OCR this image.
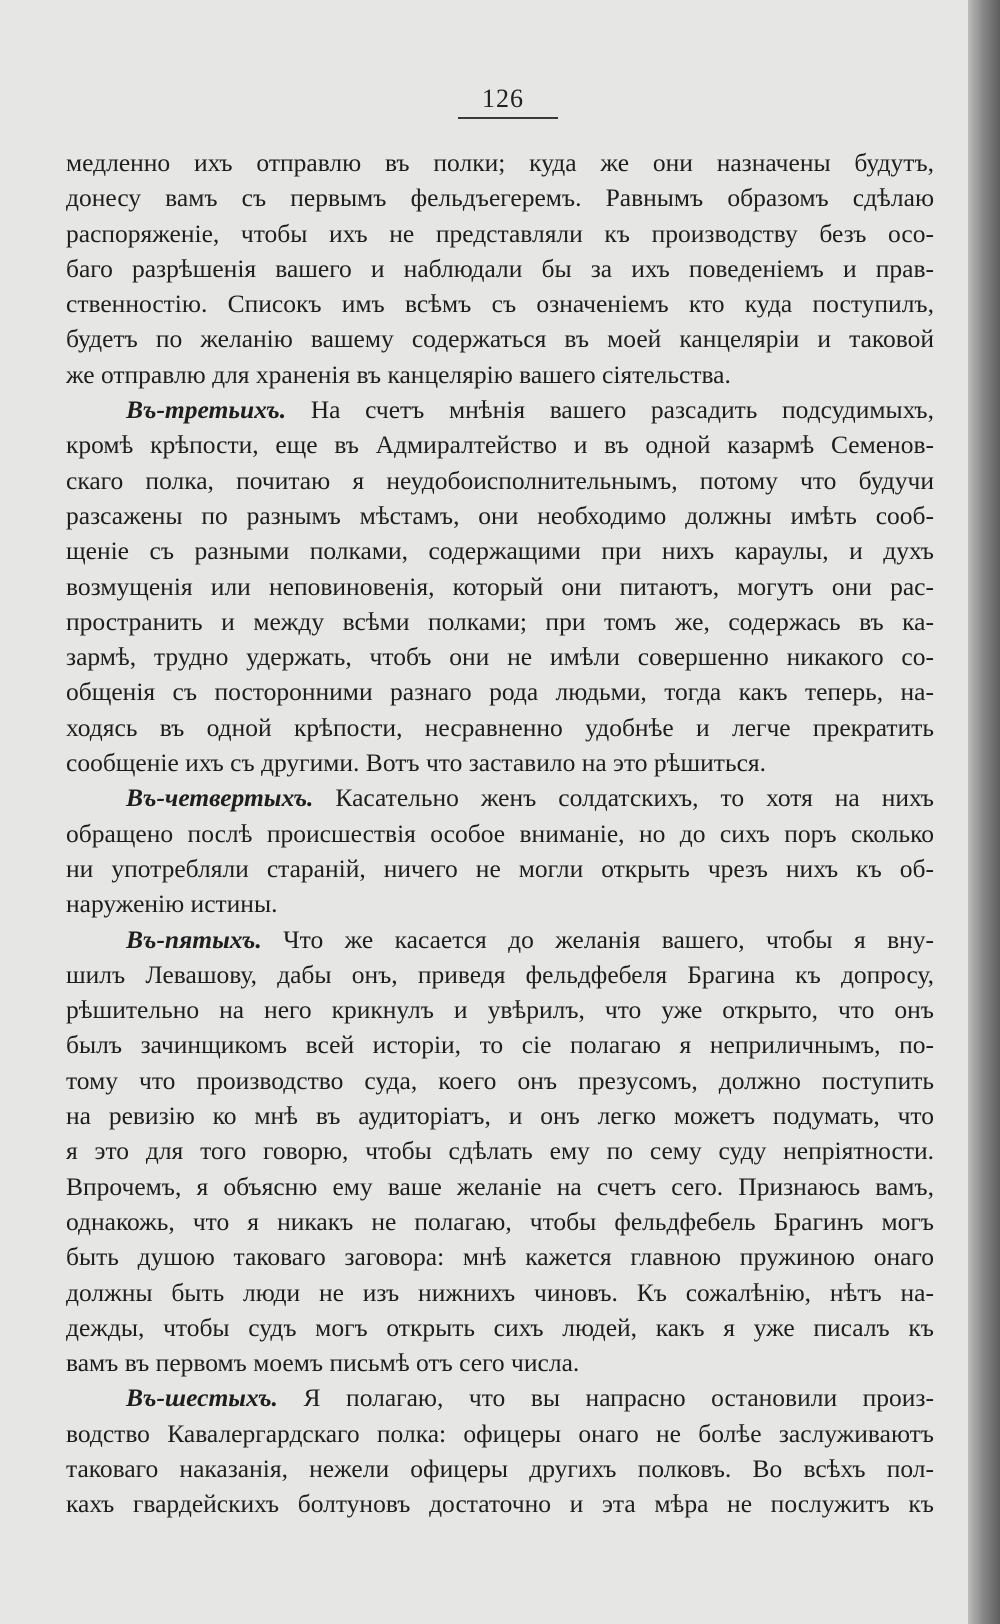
126
медленно ихъ отправлю въ полки; куда же они назначены будутъ,
донесу вамъ съ первымъ фельдъегеремъ. Равнымъ образомъ сдѣлаю
распоряженіе, чтобы ихъ не представляли къ производству безъ осо-
баго разрѣшенія вашего и наблюдали бы за ихъ поведеніемъ и прав-
ственностію. Списокъ имъ всѣмъ съ означеніемъ кто куда поступилъ,
будетъ по желанію вашему содержаться въ моей канцеляріи и таковой
же отправлю для храненія въ канцелярію вашего сіятельства.
Въ-третьихъ. На счетъ мнѣнія вашего разсадить подсудимыхъ,
кромѣ крѣпости, еще въ Адмиралтейство и въ одной казармѣ Семенов-
скаго полка, почитаю я неудобоисполнительнымъ, потому что будучи
разсажены по разнымъ мѣстамъ, они необходимо должны имѣть сооб-
щеніе съ разными полками, содержащими при нихъ караулы, и духъ
возмущенія или неповиновенія, который они питаютъ, могутъ они рас-
пространить и между всѣми полками; при томъ же, содержась въ ка-
зармѣ, трудно удержать, чтобъ они не имѣли совершенно никакого со-
общенія съ посторонними разнаго рода людьми, тогда какъ теперь, на-
ходясь въ одной крѣпости, несравненно удобнѣе и легче прекратить
сообщеніе ихъ съ другими. Вотъ что заставило на это рѣшиться.
Въ-четвертыхъ. Касательно женъ солдатскихъ, то хотя на нихъ
обращено послѣ происшествія особое вниманіе, но до сихъ поръ сколько
ни употребляли стараній, ничего не могли открыть чрезъ нихъ къ об-
наруженію истины.
Въ-пятыхъ. Что же касается до желанія вашего, чтобы я вну-
шилъ Левашову, дабы онъ, приведя фельдфебеля Брагина къ допросу,
рѣшительно на него крикнулъ и увѣрилъ, что уже открыто, что онъ
былъ зачинщикомъ всей исторіи, то сіе полагаю я неприличнымъ, по-
тому что производство суда, коего онъ презусомъ, должно поступить
на ревизію ко мнѣ въ аудиторіатъ, и онъ легко можетъ подумать, что
я это для того говорю, чтобы сдѣлать ему по сему суду непріятности.
Впрочемъ, я объясню ему ваше желаніе на счетъ сего. Признаюсь вамъ,
однакожь, что я никакъ не полагаю, чтобы фельдфебель Брагинъ могъ
быть душою таковаго заговора: мнѣ кажется главною пружиною онаго
должны быть люди не изъ нижнихъ чиновъ. Къ сожалѣнію, нѣтъ на-
дежды, чтобы судъ могъ открыть сихъ людей, какъ я уже писалъ къ
вамъ въ первомъ моемъ письмѣ отъ сего числа.
Въ-шестыхъ. Я полагаю, что вы напрасно остановили произ-
водство Кавалергардскаго полка: офицеры онаго не болѣе заслуживаютъ
таковаго наказанія, нежели офицеры другихъ полковъ. Во всѣхъ пол-
кахъ гвардейскихъ болтуновъ достаточно и эта мѣра не послужитъ къ
